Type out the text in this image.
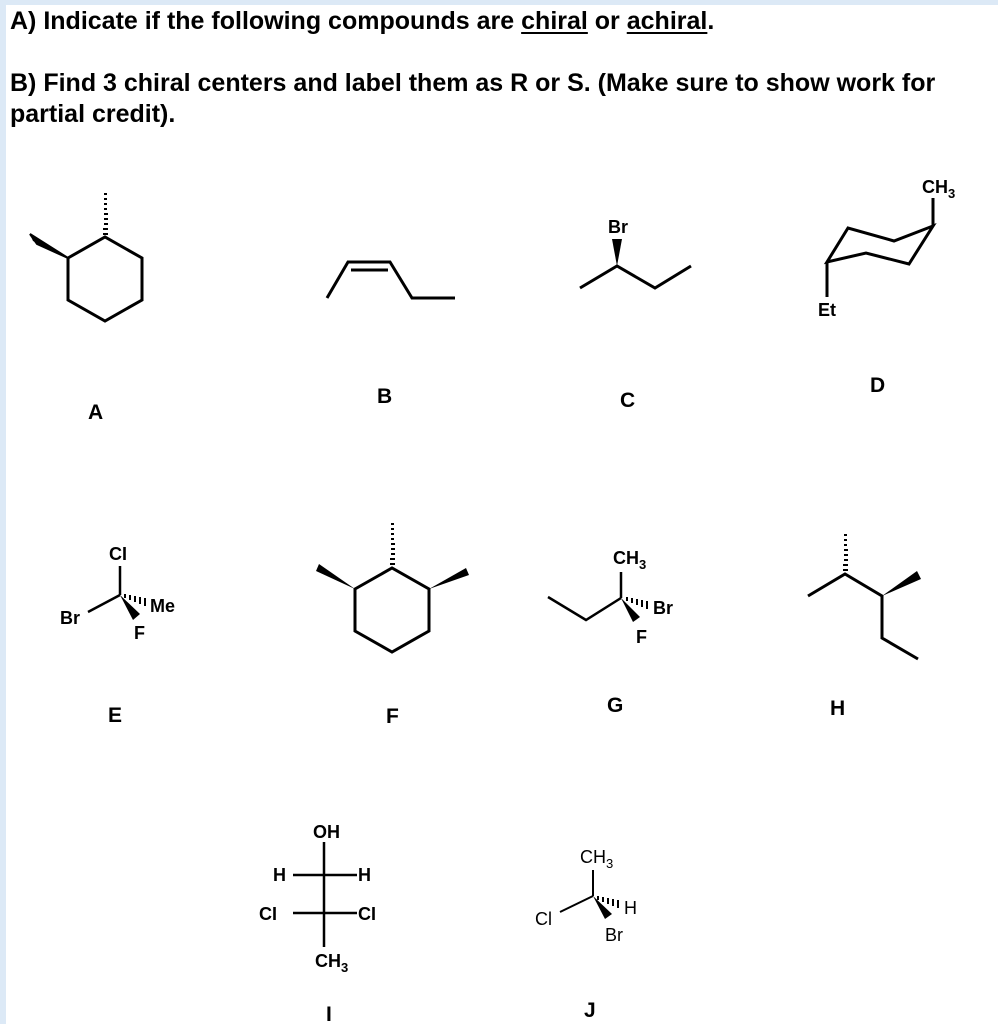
A) Indicate if the following compounds are chiral or achiral.

B) Find 3 chiral centers and label them as R or S. (Make sure to show work for partial credit).

A
B
Br
C
$CH_3$
Et
D
CI
Br
Me
F
E	F
$CH_3$
Br
F
G	H
OH
H	H
CI	CI
$CH_3$
I
$CH_3$
Cl
H
Br
J
